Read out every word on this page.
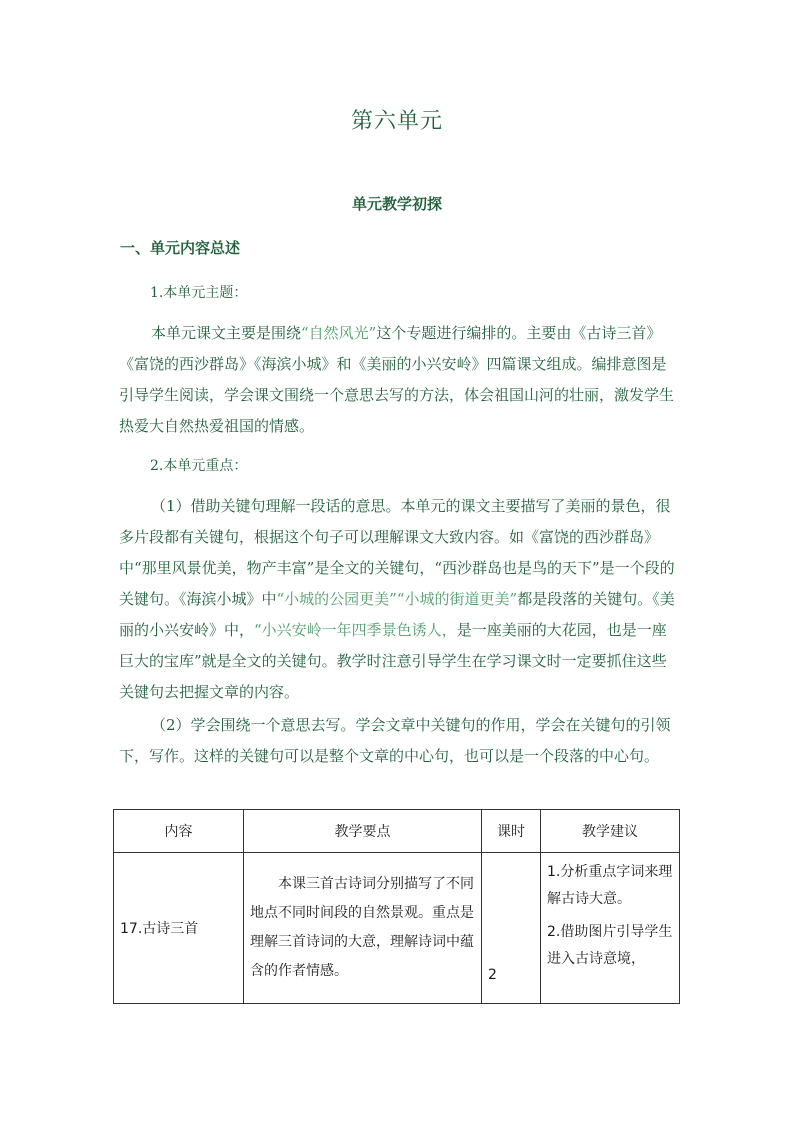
第六单元
单元教学初探
一、单元内容总述
1.本单元主题：
本单元课文主要是围绕“自然风光”这个专题进行编排的。主要由《古诗三首》《富饶的西沙群岛》《海滨小城》和《美丽的小兴安岭》四篇课文组成。编排意图是引导学生阅读，学会课文围绕一个意思去写的方法，体会祖国山河的壮丽，激发学生热爱大自然热爱祖国的情感。
2.本单元重点：
（1）借助关键句理解一段话的意思。本单元的课文主要描写了美丽的景色，很多片段都有关键句，根据这个句子可以理解课文大致内容。如《富饶的西沙群岛》中“那里风景优美，物产丰富”是全文的关键句，“西沙群岛也是鸟的天下”是一个段的关键句。《海滨小城》中“小城的公园更美”“小城的街道更美”都是段落的关键句。《美丽的小兴安岭》中，“小兴安岭一年四季景色诱人，是一座美丽的大花园，也是一座巨大的宝库”就是全文的关键句。教学时注意引导学生在学习课文时一定要抓住这些关键句去把握文章的内容。
（2）学会围绕一个意思去写。学会文章中关键句的作用，学会在关键句的引领下，写作。这样的关键句可以是整个文章的中心句，也可以是一个段落的中心句。
内容	教学要点	课时	教学建议
17.古诗三首	本课三首古诗词分别描写了不同地点不同时间段的自然景观。重点是理解三首诗词的大意，理解诗词中蕴含的作者情感。	2	1.分析重点字词来理解古诗大意。

2.借助图片引导学生进入古诗意境，
